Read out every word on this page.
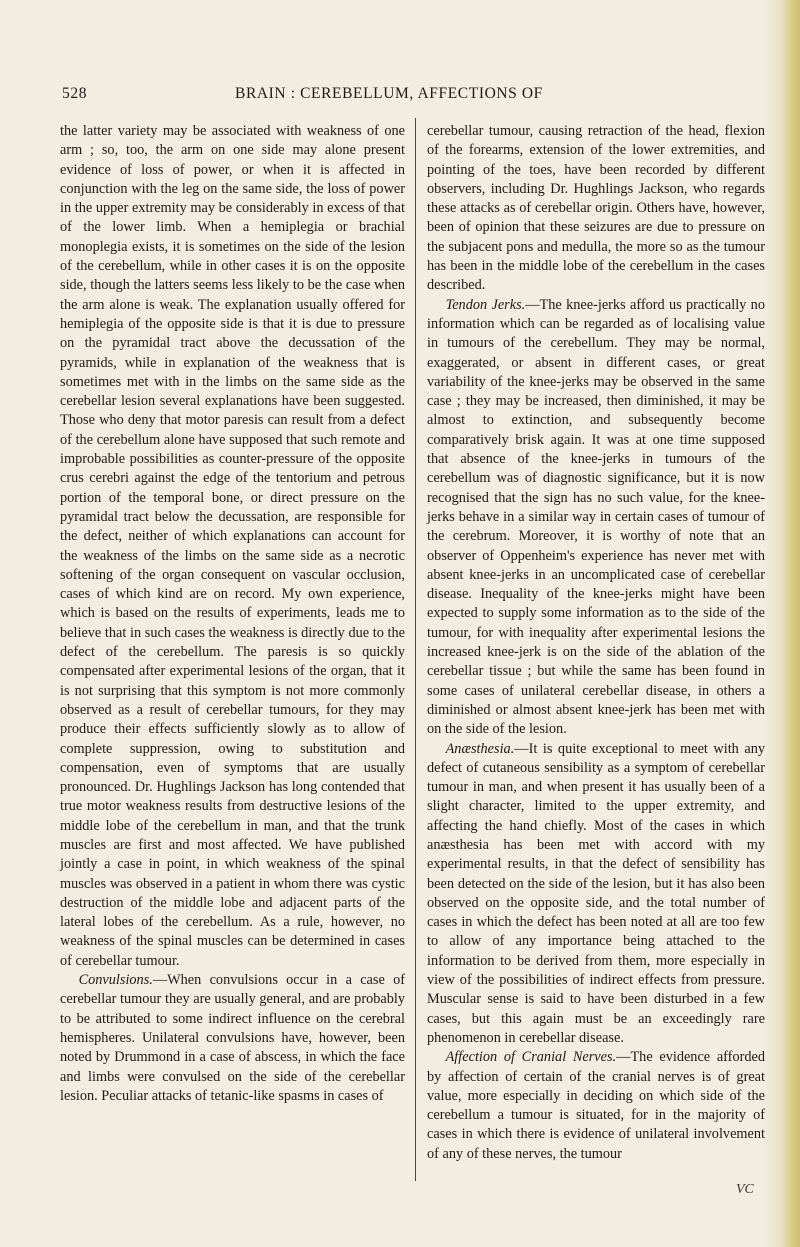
528	BRAIN : CEREBELLUM, AFFECTIONS OF

the latter variety may be associated with weakness of one arm ; so, too, the arm on one side may alone present evidence of loss of power, or when it is affected in conjunction with the leg on the same side, the loss of power in the upper extremity may be considerably in excess of that of the lower limb. When a hemiplegia or brachial monoplegia exists, it is sometimes on the side of the lesion of the cerebellum, while in other cases it is on the opposite side, though the latters seems less likely to be the case when the arm alone is weak. The explanation usually offered for hemiplegia of the opposite side is that it is due to pressure on the pyramidal tract above the decussation of the pyramids, while in explanation of the weakness that is sometimes met with in the limbs on the same side as the cerebellar lesion several explanations have been suggested. Those who deny that motor paresis can result from a defect of the cerebellum alone have supposed that such remote and improbable possibilities as counter-pressure of the opposite crus cerebri against the edge of the tentorium and petrous portion of the temporal bone, or direct pressure on the pyramidal tract below the decussation, are responsible for the defect, neither of which explanations can account for the weakness of the limbs on the same side as a necrotic softening of the organ consequent on vascular occlusion, cases of which kind are on record. My own experience, which is based on the results of experiments, leads me to believe that in such cases the weakness is directly due to the defect of the cerebellum. The paresis is so quickly compensated after experimental lesions of the organ, that it is not surprising that this symptom is not more commonly observed as a result of cerebellar tumours, for they may produce their effects sufficiently slowly as to allow of complete suppression, owing to substitution and compensation, even of symptoms that are usually pronounced. Dr. Hughlings Jackson has long contended that true motor weakness results from destructive lesions of the middle lobe of the cerebellum in man, and that the trunk muscles are first and most affected. We have published jointly a case in point, in which weakness of the spinal muscles was observed in a patient in whom there was cystic destruction of the middle lobe and adjacent parts of the lateral lobes of the cerebellum. As a rule, however, no weakness of the spinal muscles can be determined in cases of cerebellar tumour.

Convulsions.—When convulsions occur in a case of cerebellar tumour they are usually general, and are probably to be attributed to some indirect influence on the cerebral hemispheres. Unilateral convulsions have, however, been noted by Drummond in a case of abscess, in which the face and limbs were convulsed on the side of the cerebellar lesion. Peculiar attacks of tetanic-like spasms in cases of

cerebellar tumour, causing retraction of the head, flexion of the forearms, extension of the lower extremities, and pointing of the toes, have been recorded by different observers, including Dr. Hughlings Jackson, who regards these attacks as of cerebellar origin. Others have, however, been of opinion that these seizures are due to pressure on the subjacent pons and medulla, the more so as the tumour has been in the middle lobe of the cerebellum in the cases described.

Tendon Jerks.—The knee-jerks afford us practically no information which can be regarded as of localising value in tumours of the cerebellum. They may be normal, exaggerated, or absent in different cases, or great variability of the knee-jerks may be observed in the same case ; they may be increased, then diminished, it may be almost to extinction, and subsequently become comparatively brisk again. It was at one time supposed that absence of the knee-jerks in tumours of the cerebellum was of diagnostic significance, but it is now recognised that the sign has no such value, for the knee-jerks behave in a similar way in certain cases of tumour of the cerebrum. Moreover, it is worthy of note that an observer of Oppenheim's experience has never met with absent knee-jerks in an uncomplicated case of cerebellar disease. Inequality of the knee-jerks might have been expected to supply some information as to the side of the tumour, for with inequality after experimental lesions the increased knee-jerk is on the side of the ablation of the cerebellar tissue ; but while the same has been found in some cases of unilateral cerebellar disease, in others a diminished or almost absent knee-jerk has been met with on the side of the lesion.

Anæsthesia.—It is quite exceptional to meet with any defect of cutaneous sensibility as a symptom of cerebellar tumour in man, and when present it has usually been of a slight character, limited to the upper extremity, and affecting the hand chiefly. Most of the cases in which anæsthesia has been met with accord with my experimental results, in that the defect of sensibility has been detected on the side of the lesion, but it has also been observed on the opposite side, and the total number of cases in which the defect has been noted at all are too few to allow of any importance being attached to the information to be derived from them, more especially in view of the possibilities of indirect effects from pressure. Muscular sense is said to have been disturbed in a few cases, but this again must be an exceedingly rare phenomenon in cerebellar disease.

Affection of Cranial Nerves.—The evidence afforded by affection of certain of the cranial nerves is of great value, more especially in deciding on which side of the cerebellum a tumour is situated, for in the majority of cases in which there is evidence of unilateral involvement of any of these nerves, the tumour

VC
